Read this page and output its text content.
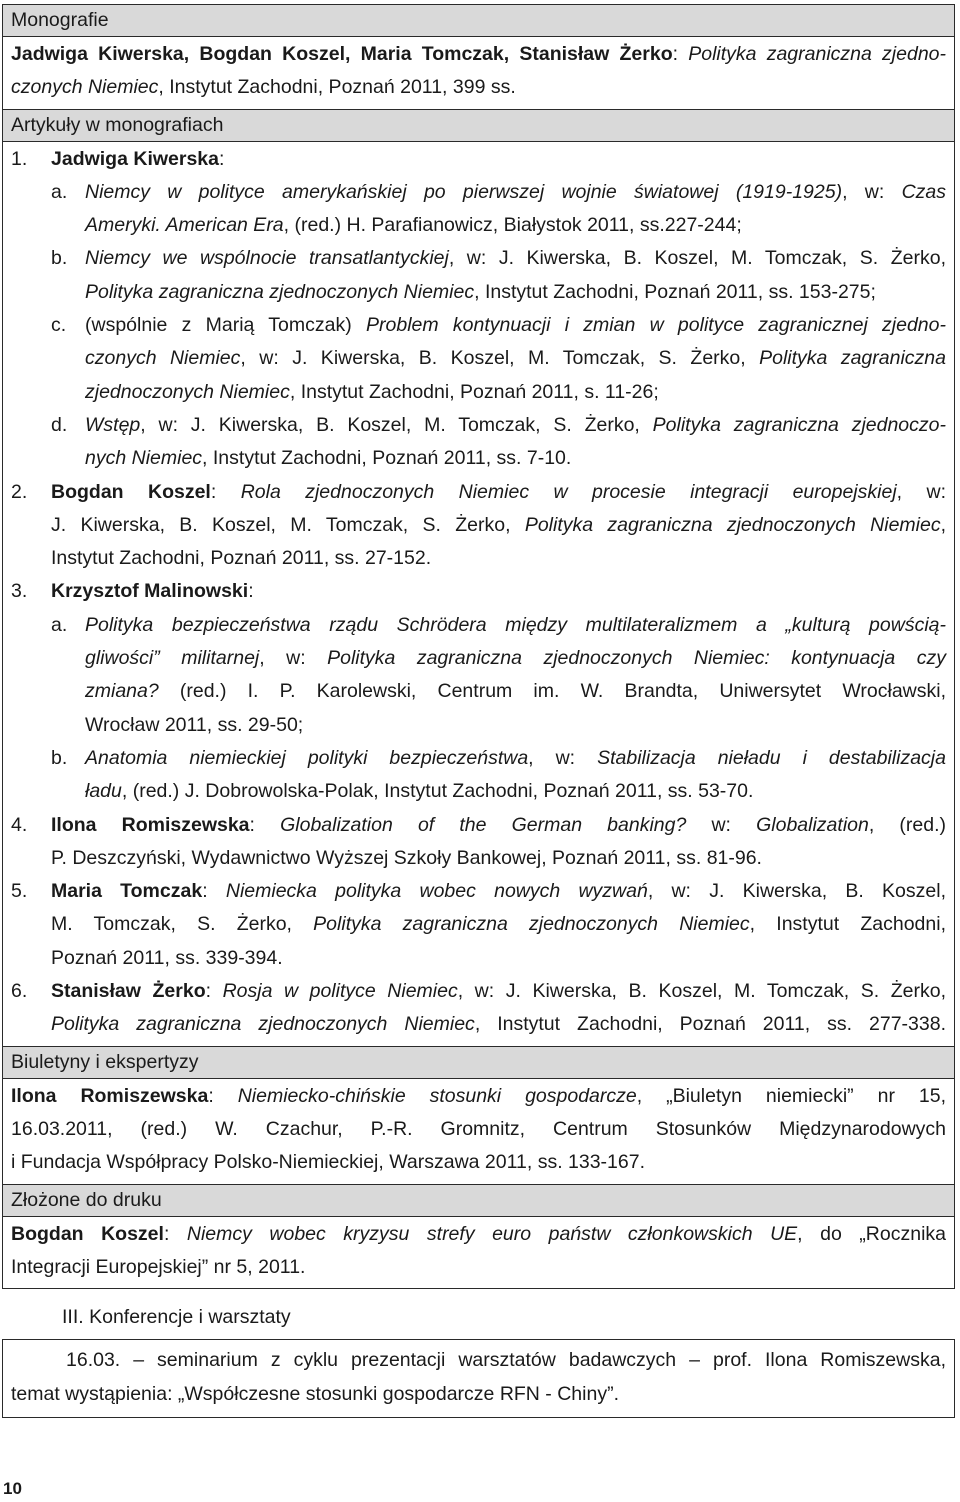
Monografie
Jadwiga Kiwerska, Bogdan Koszel, Maria Tomczak, Stanisław Żerko: Polityka zagraniczna zjedno-
czonych Niemiec, Instytut Zachodni, Poznań 2011, 399 ss.
Artykuły w monografiach
1.	Jadwiga Kiwerska:
a. Niemcy w polityce amerykańskiej po pierwszej wojnie światowej (1919-1925), w: Czas
Ameryki. American Era, (red.) H. Parafianowicz, Białystok 2011, ss.227-244;
b. Niemcy we wspólnocie transatlantyckiej, w: J. Kiwerska, B. Koszel, M. Tomczak, S. Żerko,
Polityka zagraniczna zjednoczonych Niemiec, Instytut Zachodni, Poznań 2011, ss. 153-275;
c. (wspólnie z Marią Tomczak) Problem kontynuacji i zmian w polityce zagranicznej zjedno-
czonych Niemiec, w: J. Kiwerska, B. Koszel, M. Tomczak, S. Żerko, Polityka zagraniczna
zjednoczonych Niemiec, Instytut Zachodni, Poznań 2011, s. 11-26;
d. Wstęp, w: J. Kiwerska, B. Koszel, M. Tomczak, S. Żerko, Polityka zagraniczna zjednoczo-
nych Niemiec, Instytut Zachodni, Poznań 2011, ss. 7-10.
2.	Bogdan Koszel: Rola zjednoczonych Niemiec w procesie integracji europejskiej, w:
J. Kiwerska, B. Koszel, M. Tomczak, S. Żerko, Polityka zagraniczna zjednoczonych Niemiec,
Instytut Zachodni, Poznań 2011, ss. 27-152.
3.	Krzysztof Malinowski:
a. Polityka bezpieczeństwa rządu Schrödera między multilateralizmem a „kulturą powścią-
gliwości” militarnej, w: Polityka zagraniczna zjednoczonych Niemiec: kontynuacja czy
zmiana? (red.) I. P. Karolewski, Centrum im. W. Brandta, Uniwersytet Wrocławski,
Wrocław 2011, ss. 29-50;
b. Anatomia niemieckiej polityki bezpieczeństwa, w: Stabilizacja nieładu i destabilizacja
ładu, (red.) J. Dobrowolska-Polak, Instytut Zachodni, Poznań 2011, ss. 53-70.
4.	Ilona Romiszewska: Globalization of the German banking? w: Globalization, (red.)
P. Deszczyński, Wydawnictwo Wyższej Szkoły Bankowej, Poznań 2011, ss. 81-96.
5.	Maria Tomczak: Niemiecka polityka wobec nowych wyzwań, w: J. Kiwerska, B. Koszel,
M. Tomczak, S. Żerko, Polityka zagraniczna zjednoczonych Niemiec, Instytut Zachodni,
Poznań 2011, ss. 339-394.
6.	Stanisław Żerko: Rosja w polityce Niemiec, w: J. Kiwerska, B. Koszel, M. Tomczak, S. Żerko,
Polityka zagraniczna zjednoczonych Niemiec, Instytut Zachodni, Poznań 2011, ss. 277-338.
Biuletyny i ekspertyzy
Ilona Romiszewska: Niemiecko-chińskie stosunki gospodarcze, „Biuletyn niemiecki” nr 15,
16.03.2011, (red.) W. Czachur, P.-R. Gromnitz, Centrum Stosunków Międzynarodowych
i Fundacja Współpracy Polsko-Niemieckiej, Warszawa 2011, ss. 133-167.
Złożone do druku
Bogdan Koszel: Niemcy wobec kryzysu strefy euro państw członkowskich UE, do „Rocznika
Integracji Europejskiej” nr 5, 2011.
III. Konferencje i warsztaty
16.03. – seminarium z cyklu prezentacji warsztatów badawczych – prof. Ilona Romiszewska,
temat wystąpienia: „Współczesne stosunki gospodarcze RFN - Chiny”.
10
